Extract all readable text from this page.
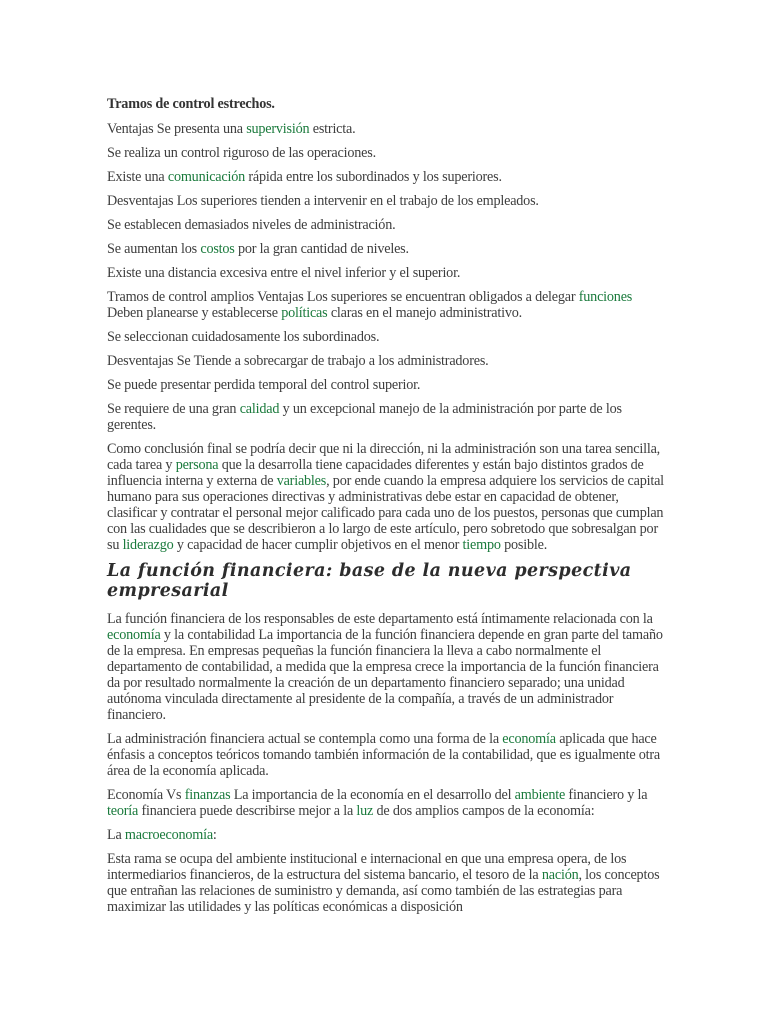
Tramos de control estrechos.

Ventajas Se presenta una supervisión estricta.

Se realiza un control riguroso de las operaciones.

Existe una comunicación rápida entre los subordinados y los superiores.

Desventajas Los superiores tienden a intervenir en el trabajo de los empleados.

Se establecen demasiados niveles de administración.

Se aumentan los costos por la gran cantidad de niveles.

Existe una distancia excesiva entre el nivel inferior y el superior.

Tramos de control amplios Ventajas Los superiores se encuentran obligados a delegar funciones Deben planearse y establecerse políticas claras en el manejo administrativo.

Se seleccionan cuidadosamente los subordinados.

Desventajas Se Tiende a sobrecargar de trabajo a los administradores.

Se puede presentar perdida temporal del control superior.

Se requiere de una gran calidad y un excepcional manejo de la administración por parte de los gerentes.

Como conclusión final se podría decir que ni la dirección, ni la administración son una tarea sencilla, cada tarea y persona que la desarrolla tiene capacidades diferentes y están bajo distintos grados de influencia interna y externa de variables, por ende cuando la empresa adquiere los servicios de capital humano para sus operaciones directivas y administrativas debe estar en capacidad de obtener, clasificar y contratar el personal mejor calificado para cada uno de los puestos, personas que cumplan con las cualidades que se describieron a lo largo de este artículo, pero sobretodo que sobresalgan por su liderazgo y capacidad de hacer cumplir objetivos en el menor tiempo posible.

La función financiera: base de la nueva perspectiva empresarial

La función financiera de los responsables de este departamento está íntimamente relacionada con la economía y la contabilidad La importancia de la función financiera depende en gran parte del tamaño de la empresa. En empresas pequeñas la función financiera la lleva a cabo normalmente el departamento de contabilidad, a medida que la empresa crece la importancia de la función financiera da por resultado normalmente la creación de un departamento financiero separado; una unidad autónoma vinculada directamente al presidente de la compañía, a través de un administrador financiero.

La administración financiera actual se contempla como una forma de la economía aplicada que hace énfasis a conceptos teóricos tomando también información de la contabilidad, que es igualmente otra área de la economía aplicada.

Economía Vs finanzas La importancia de la economía en el desarrollo del ambiente financiero y la teoría financiera puede describirse mejor a la luz de dos amplios campos de la economía:

La macroeconomía:

Esta rama se ocupa del ambiente institucional e internacional en que una empresa opera, de los intermediarios financieros, de la estructura del sistema bancario, el tesoro de la nación, los conceptos que entrañan las relaciones de suministro y demanda, así como también de las estrategias para maximizar las utilidades y las políticas económicas a disposición
